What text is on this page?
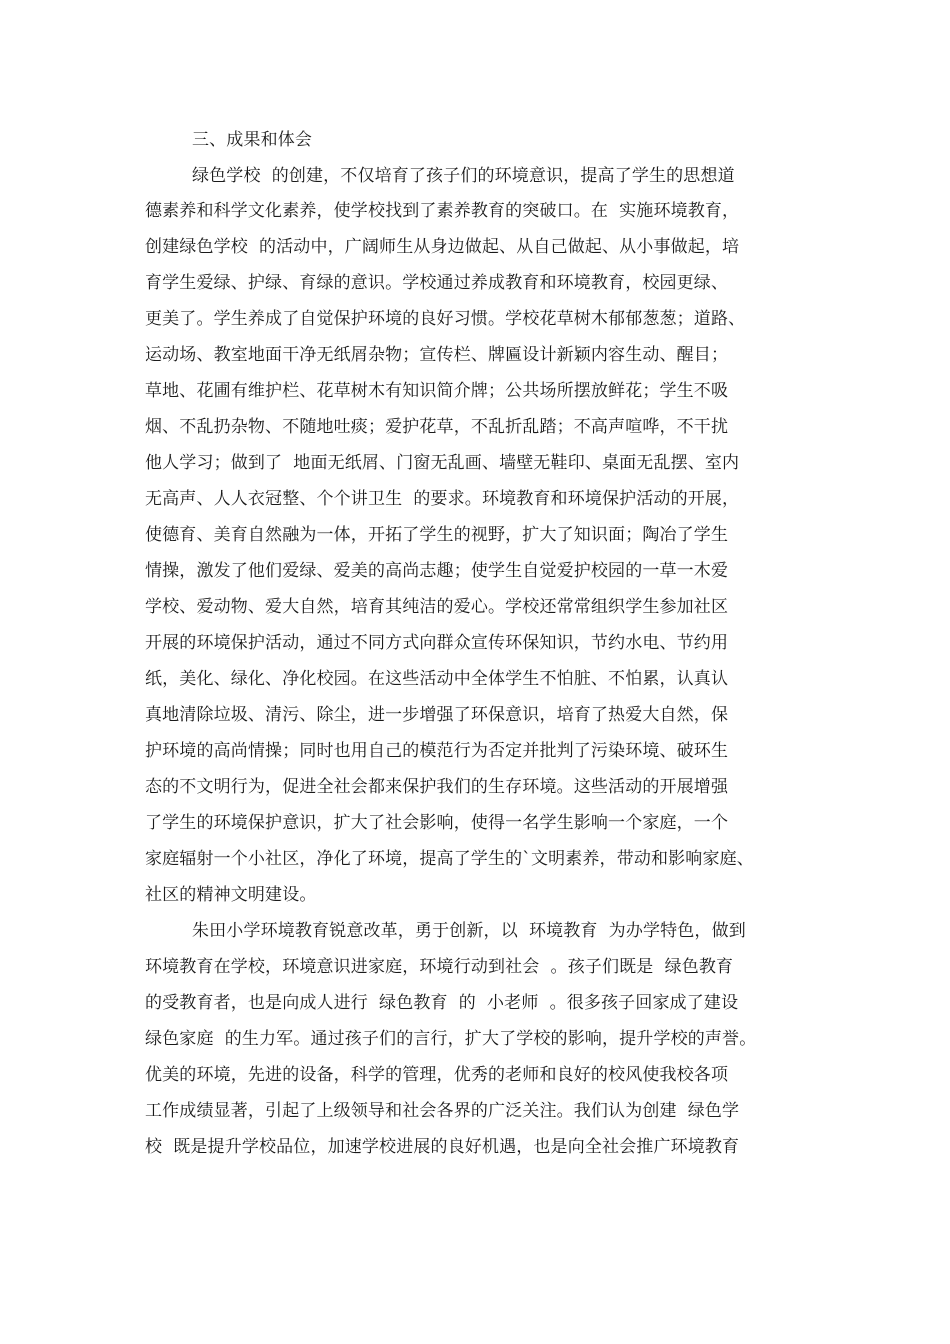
三、成果和体会
绿色学校  的创建，不仅培育了孩子们的环境意识，提高了学生的思想道
德素养和科学文化素养，使学校找到了素养教育的突破口。在  实施环境教育，
创建绿色学校  的活动中，广阔师生从身边做起、从自己做起、从小事做起，培
育学生爱绿、护绿、育绿的意识。学校通过养成教育和环境教育，校园更绿、
更美了。学生养成了自觉保护环境的良好习惯。学校花草树木郁郁葱葱；道路、
运动场、教室地面干净无纸屑杂物；宣传栏、牌匾设计新颖内容生动、醒目；
草地、花圃有维护栏、花草树木有知识简介牌；公共场所摆放鲜花；学生不吸
烟、不乱扔杂物、不随地吐痰；爱护花草，不乱折乱踏；不高声喧哗，不干扰
他人学习；做到了  地面无纸屑、门窗无乱画、墙壁无鞋印、桌面无乱摆、室内
无高声、人人衣冠整、个个讲卫生  的要求。环境教育和环境保护活动的开展，
使德育、美育自然融为一体，开拓了学生的视野，扩大了知识面；陶冶了学生
情操，激发了他们爱绿、爱美的高尚志趣；使学生自觉爱护校园的一草一木爱
学校、爱动物、爱大自然，培育其纯洁的爱心。学校还常常组织学生参加社区
开展的环境保护活动，通过不同方式向群众宣传环保知识，节约水电、节约用
纸，美化、绿化、净化校园。在这些活动中全体学生不怕脏、不怕累，认真认
真地清除垃圾、清污、除尘，进一步增强了环保意识，培育了热爱大自然，保
护环境的高尚情操；同时也用自己的模范行为否定并批判了污染环境、破环生
态的不文明行为，促进全社会都来保护我们的生存环境。这些活动的开展增强
了学生的环境保护意识，扩大了社会影响，使得一名学生影响一个家庭，一个
家庭辐射一个小社区，净化了环境，提高了学生的`文明素养，带动和影响家庭、
社区的精神文明建设。
朱田小学环境教育锐意改革，勇于创新，以  环境教育  为办学特色，做到
环境教育在学校，环境意识进家庭，环境行动到社会  。孩子们既是  绿色教育
的受教育者，也是向成人进行  绿色教育  的  小老师  。很多孩子回家成了建设
绿色家庭  的生力军。通过孩子们的言行，扩大了学校的影响，提升学校的声誉。
优美的环境，先进的设备，科学的管理，优秀的老师和良好的校风使我校各项
工作成绩显著，引起了上级领导和社会各界的广泛关注。我们认为创建  绿色学
校  既是提升学校品位，加速学校进展的良好机遇，也是向全社会推广环境教育
